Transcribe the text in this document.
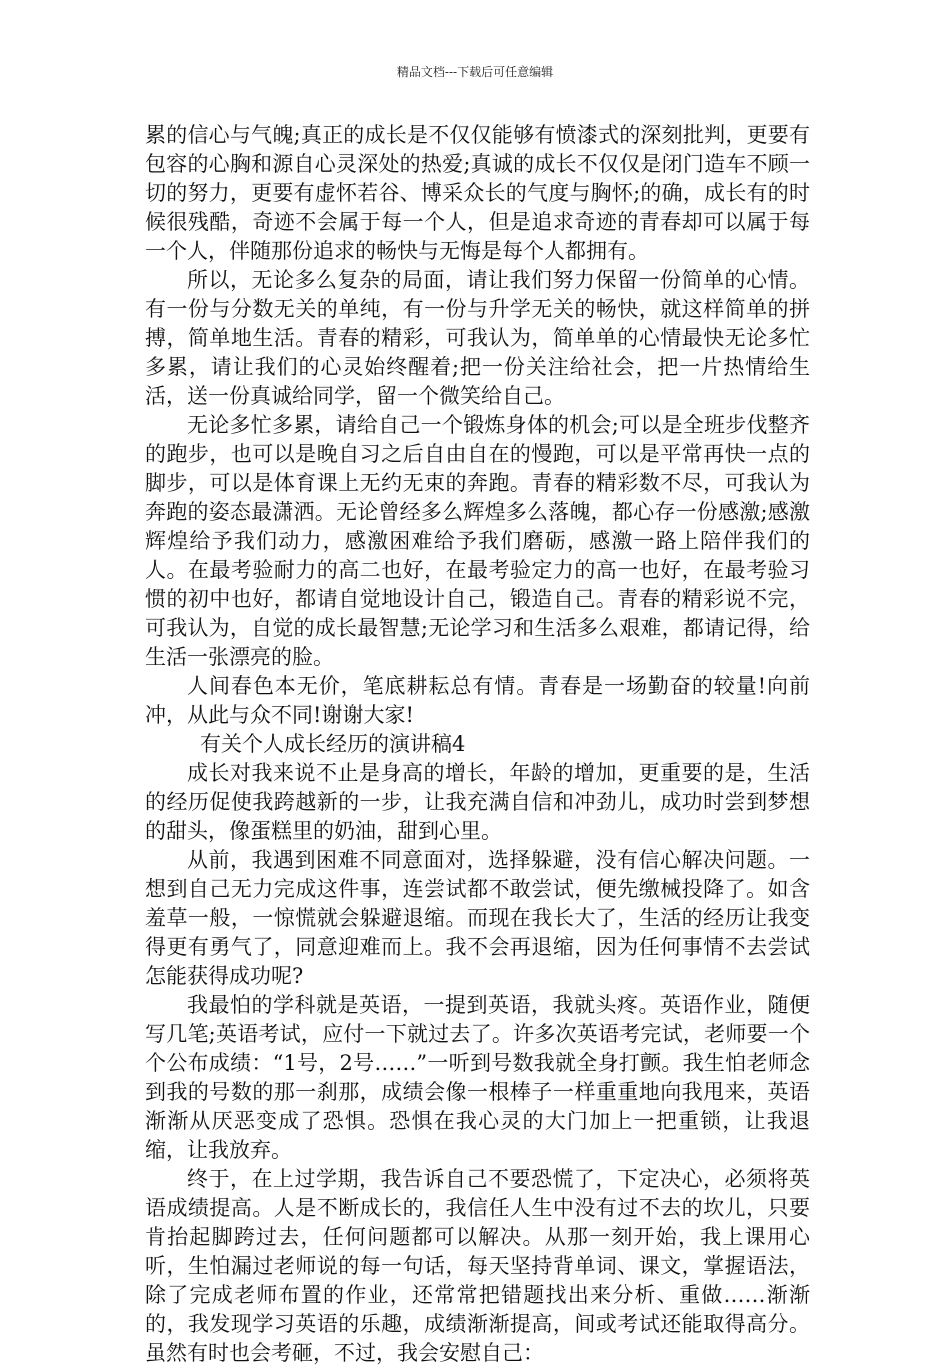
精品文档---下载后可任意编辑

累的信心与气魄;真正的成长是不仅仅能够有愤漆式的深刻批判，更要有包容的心胸和源自心灵深处的热爱;真诚的成长不仅仅是闭门造车不顾一切的努力，更要有虚怀若谷、博采众长的气度与胸怀;的确，成长有的时候很残酷，奇迹不会属于每一个人，但是追求奇迹的青春却可以属于每一个人，伴随那份追求的畅快与无悔是每个人都拥有。

所以，无论多么复杂的局面，请让我们努力保留一份简单的心情。有一份与分数无关的单纯，有一份与升学无关的畅快，就这样简单的拼搏，简单地生活。青春的精彩，可我认为，简单单的心情最快无论多忙多累，请让我们的心灵始终醒着;把一份关注给社会，把一片热情给生活，送一份真诚给同学，留一个微笑给自己。

无论多忙多累，请给自己一个锻炼身体的机会;可以是全班步伐整齐的跑步，也可以是晚自习之后自由自在的慢跑，可以是平常再快一点的脚步，可以是体育课上无约无束的奔跑。青春的精彩数不尽，可我认为奔跑的姿态最潇洒。无论曾经多么辉煌多么落魄，都心存一份感激;感激辉煌给予我们动力，感激困难给予我们磨砺，感激一路上陪伴我们的人。在最考验耐力的高二也好，在最考验定力的高一也好，在最考验习惯的初中也好，都请自觉地设计自己，锻造自己。青春的精彩说不完，可我认为，自觉的成长最智慧;无论学习和生活多么艰难，都请记得，给生活一张漂亮的脸。

人间春色本无价，笔底耕耘总有情。青春是一场勤奋的较量!向前冲，从此与众不同!谢谢大家!

有关个人成长经历的演讲稿4

成长对我来说不止是身高的增长，年龄的增加，更重要的是，生活的经历促使我跨越新的一步，让我充满自信和冲劲儿，成功时尝到梦想的甜头，像蛋糕里的奶油，甜到心里。

从前，我遇到困难不同意面对，选择躲避，没有信心解决问题。一想到自己无力完成这件事，连尝试都不敢尝试，便先缴械投降了。如含羞草一般，一惊慌就会躲避退缩。而现在我长大了，生活的经历让我变得更有勇气了，同意迎难而上。我不会再退缩，因为任何事情不去尝试怎能获得成功呢?

我最怕的学科就是英语，一提到英语，我就头疼。英语作业，随便写几笔;英语考试，应付一下就过去了。许多次英语考完试，老师要一个个公布成绩：“1号，2号……”一听到号数我就全身打颤。我生怕老师念到我的号数的那一刹那，成绩会像一根棒子一样重重地向我甩来，英语渐渐从厌恶变成了恐惧。恐惧在我心灵的大门加上一把重锁，让我退缩，让我放弃。

终于，在上过学期，我告诉自己不要恐慌了，下定决心，必须将英语成绩提高。人是不断成长的，我信任人生中没有过不去的坎儿，只要肯抬起脚跨过去，任何问题都可以解决。从那一刻开始，我上课用心听，生怕漏过老师说的每一句话，每天坚持背单词、课文，掌握语法，除了完成老师布置的作业，还常常把错题找出来分析、重做……渐渐的，我发现学习英语的乐趣，成绩渐渐提高，间或考试还能取得高分。虽然有时也会考砸，不过，我会安慰自己：
